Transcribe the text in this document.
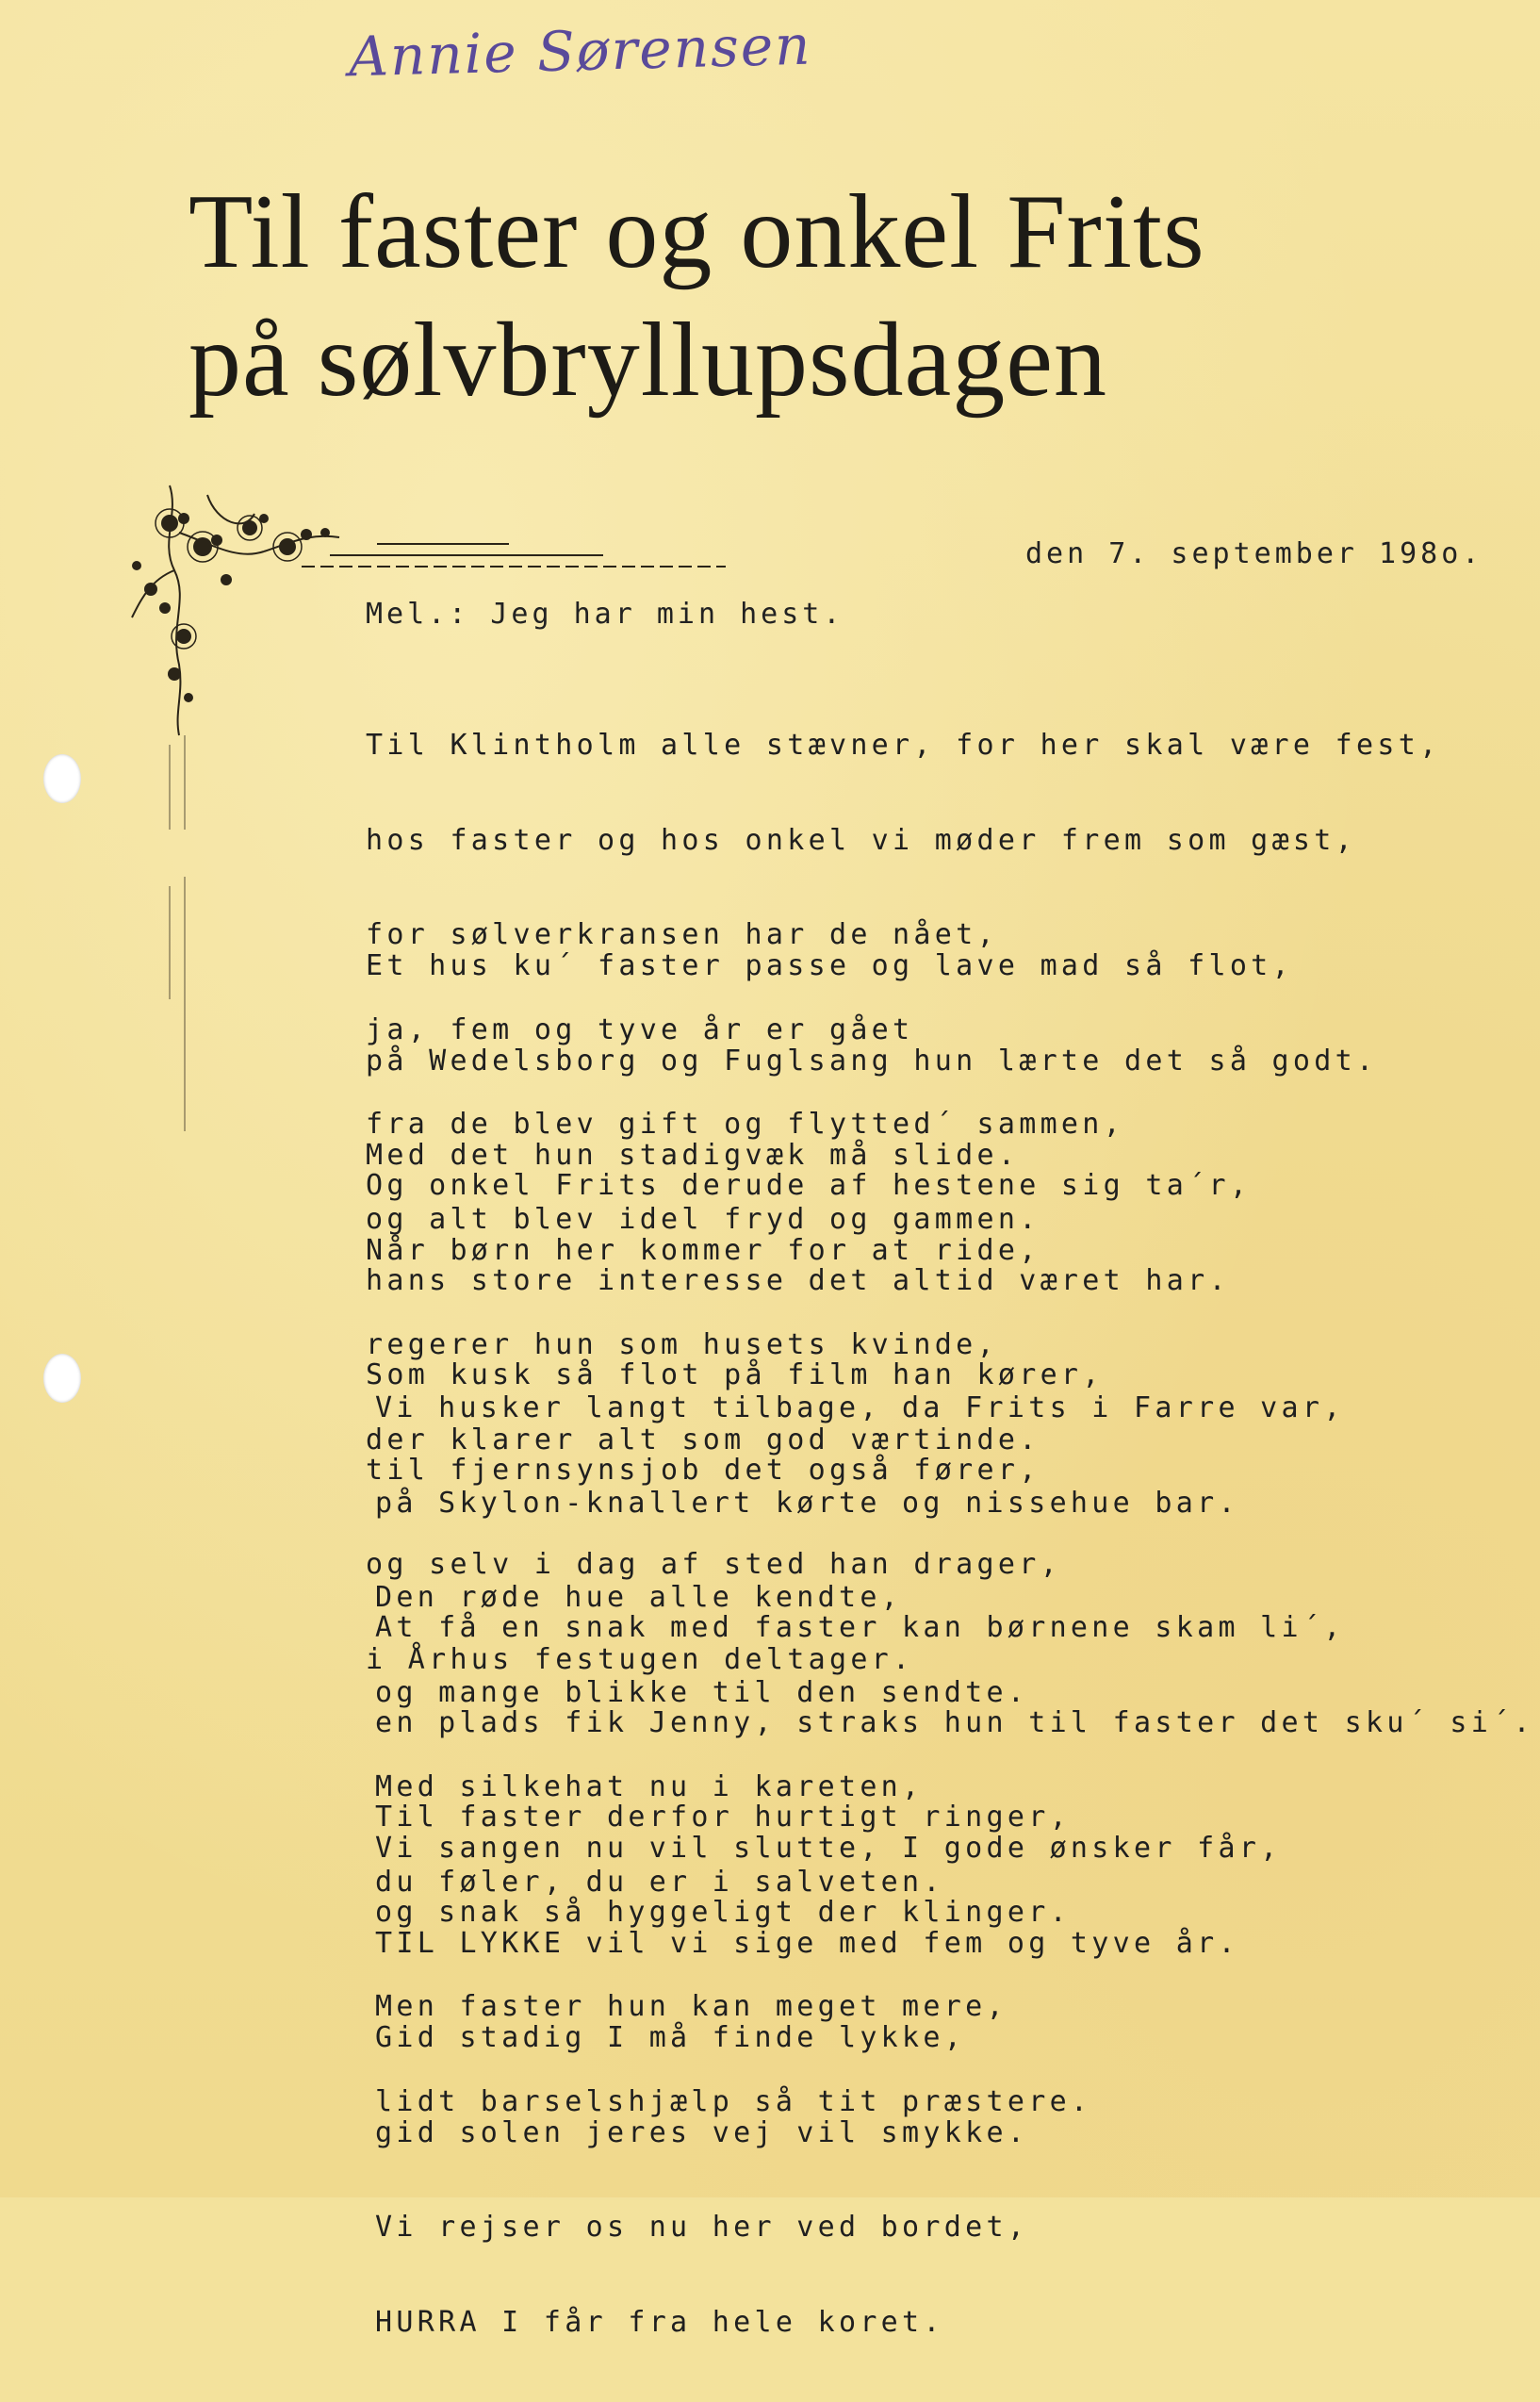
Annie Sørensen
Til faster og onkel Frits
på sølvbryllupsdagen
den 7. september 198o.
Mel.: Jeg har min hest.

Til Klintholm alle stævner, for her skal være fest,

hos faster og hos onkel vi møder frem som gæst,

for sølverkransen har de nået,

ja, fem og tyve år er gået

fra de blev gift og flytted´ sammen,

og alt blev idel fryd og gammen.

Et hus ku´ faster passe og lave mad så flot,

på Wedelsborg og Fuglsang hun lærte det så godt.

Med det hun stadigvæk må slide.

Når børn her kommer for at ride,

regerer hun som husets kvinde,

der klarer alt som god værtinde.

Og onkel Frits derude af hestene sig ta´r,

hans store interesse det altid været har.

Som kusk så flot på film han kører,

til fjernsynsjob det også fører,

og selv i dag af sted han drager,

i Århus festugen deltager.

Vi husker langt tilbage, da Frits i Farre var,

på Skylon-knallert kørte og nissehue bar.

Den røde hue alle kendte,

og mange blikke til den sendte.

Med silkehat nu i kareten,

du føler, du er i salveten.

At få en snak med faster kan børnene skam li´,

en plads fik Jenny, straks hun til faster det sku´ si´.

Til faster derfor hurtigt ringer,

og snak så hyggeligt der klinger.

Men faster hun kan meget mere,

lidt barselshjælp så tit præstere.

Vi sangen nu vil slutte, I gode ønsker får,

TIL LYKKE vil vi sige med fem og tyve år.

Gid stadig I må finde lykke,

gid solen jeres vej vil smykke.

Vi rejser os nu her ved bordet,

HURRA I får fra hele koret.
